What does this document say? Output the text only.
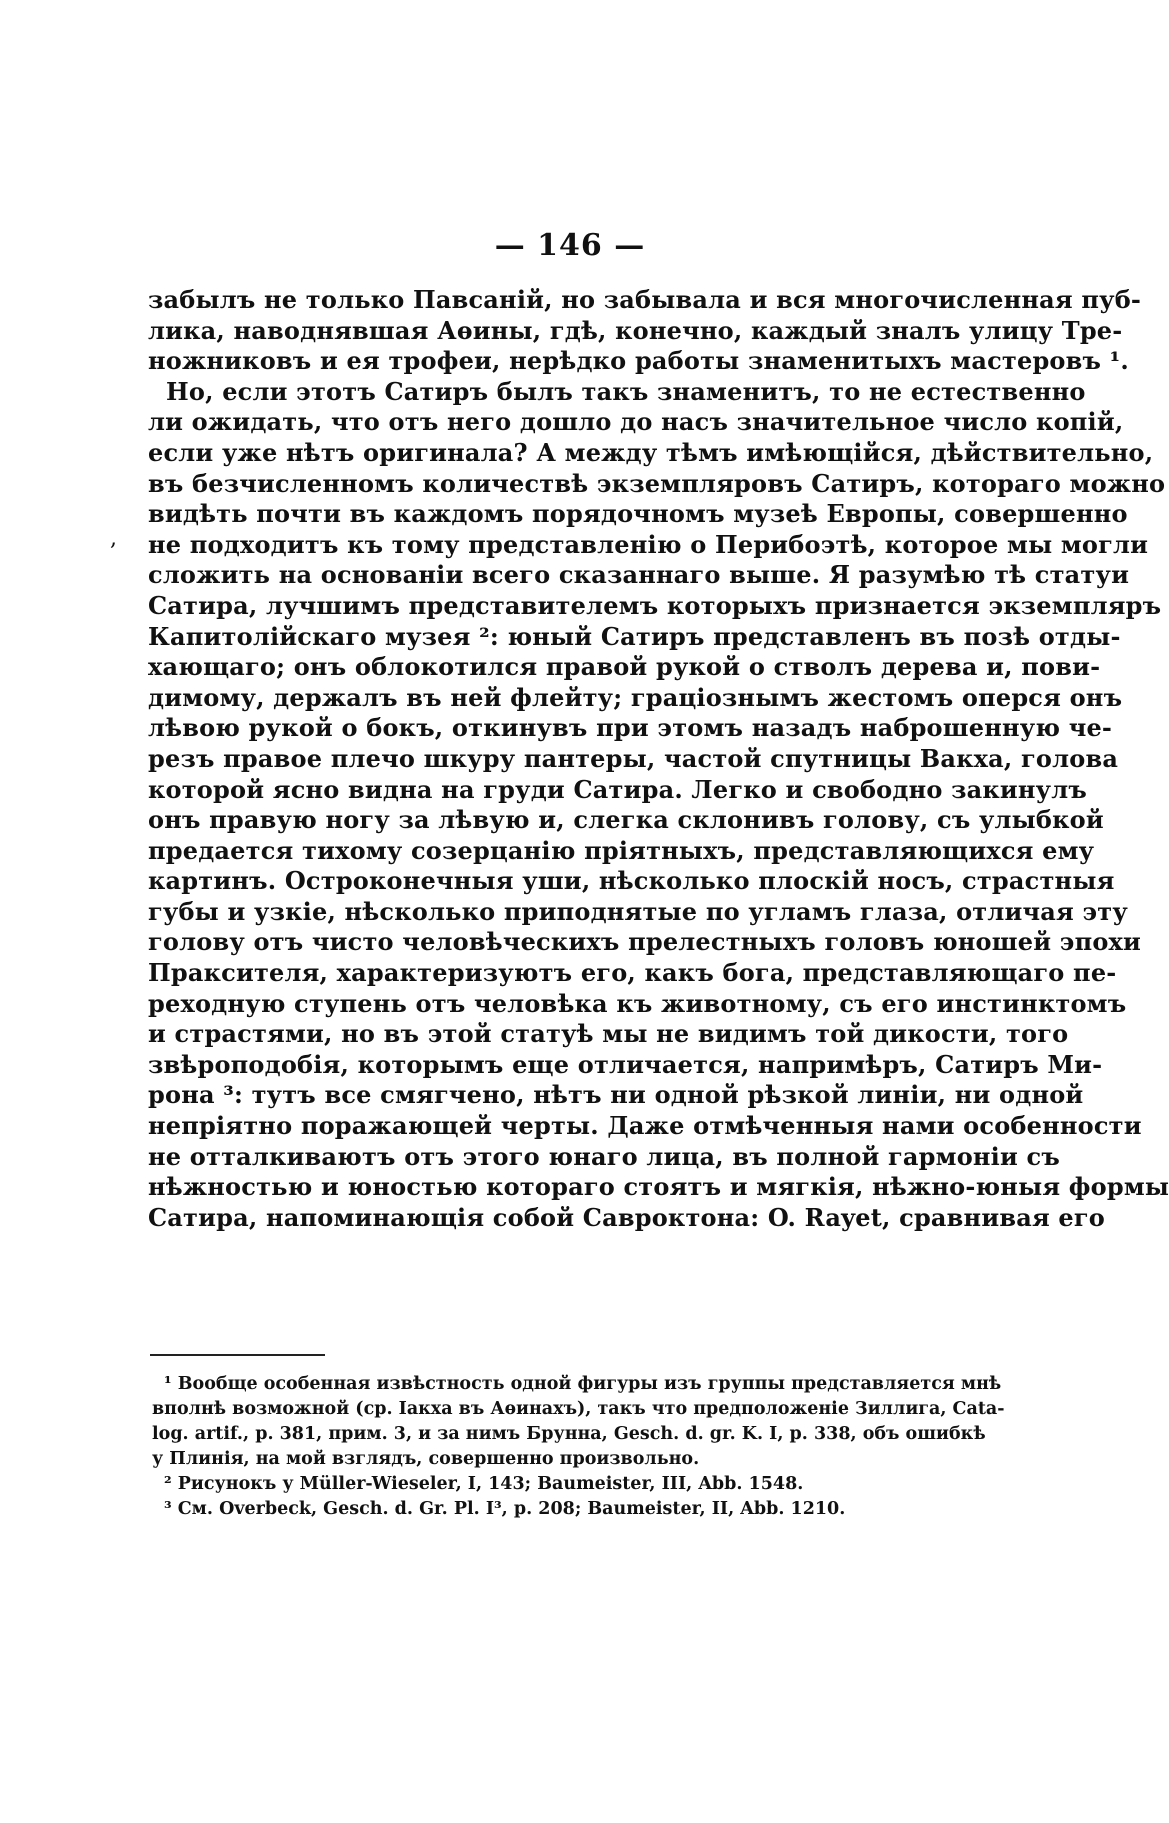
— 146 —
,
забылъ не только Павсаній, но забывала и вся многочисленная пуб-
лика, наводнявшая Аѳины, гдѣ, конечно, каждый зналъ улицу Тре-
ножниковъ и ея трофеи, нерѣдко работы знаменитыхъ мастеровъ ¹.
Но, если этотъ Сатиръ былъ такъ знаменитъ, то не естественно
ли ожидать, что отъ него дошло до насъ значительное число копій,
если уже нѣтъ оригинала? А между тѣмъ имѣющійся, дѣйствительно,
въ безчисленномъ количествѣ экземпляровъ Сатиръ, котораго можно
видѣть почти въ каждомъ порядочномъ музеѣ Европы, совершенно
не подходитъ къ тому представленію о Перибоэтѣ, которое мы могли
сложить на основаніи всего сказаннаго выше. Я разумѣю тѣ статуи
Сатира, лучшимъ представителемъ которыхъ признается экземпляръ
Капитолійскаго музея ²: юный Сатиръ представленъ въ позѣ отды-
хающаго; онъ облокотился правой рукой о стволъ дерева и, пови-
димому, держалъ въ ней флейту; граціознымъ жестомъ оперся онъ
лѣвою рукой о бокъ, откинувъ при этомъ назадъ наброшенную че-
резъ правое плечо шкуру пантеры, частой спутницы Вакха, голова
которой ясно видна на груди Сатира. Легко и свободно закинулъ
онъ правую ногу за лѣвую и, слегка склонивъ голову, съ улыбкой
предается тихому созерцанію пріятныхъ, представляющихся ему
картинъ. Остроконечныя уши, нѣсколько плоскій носъ, страстныя
губы и узкіе, нѣсколько приподнятые по угламъ глаза, отличая эту
голову отъ чисто человѣческихъ прелестныхъ головъ юношей эпохи
Праксителя, характеризуютъ его, какъ бога, представляющаго пе-
реходную ступень отъ человѣка къ животному, съ его инстинктомъ
и страстями, но въ этой статуѣ мы не видимъ той дикости, того
звѣроподобія, которымъ еще отличается, напримѣръ, Сатиръ Ми-
рона ³: тутъ все смягчено, нѣтъ ни одной рѣзкой линіи, ни одной
непріятно поражающей черты. Даже отмѣченныя нами особенности
не отталкиваютъ отъ этого юнаго лица, въ полной гармоніи съ
нѣжностью и юностью котораго стоятъ и мягкія, нѣжно-юныя формы
Сатира, напоминающія собой Савроктона: O. Rayet, сравнивая его
¹ Вообще особенная извѣстность одной фигуры изъ группы представляется мнѣ
вполнѣ возможной (ср. Іакха въ Аѳинахъ), такъ что предположеніе Зиллига, Cata-
log. artif., p. 381, прим. 3, и за нимъ Брунна, Gesch. d. gr. K. I, p. 338, объ ошибкѣ
у Плинія, на мой взглядъ, совершенно произвольно.
² Рисунокъ у Müller-Wieseler, I, 143; Baumeister, III, Abb. 1548.
³ См. Overbeck, Gesch. d. Gr. Pl. I³, p. 208; Baumeister, II, Abb. 1210.
